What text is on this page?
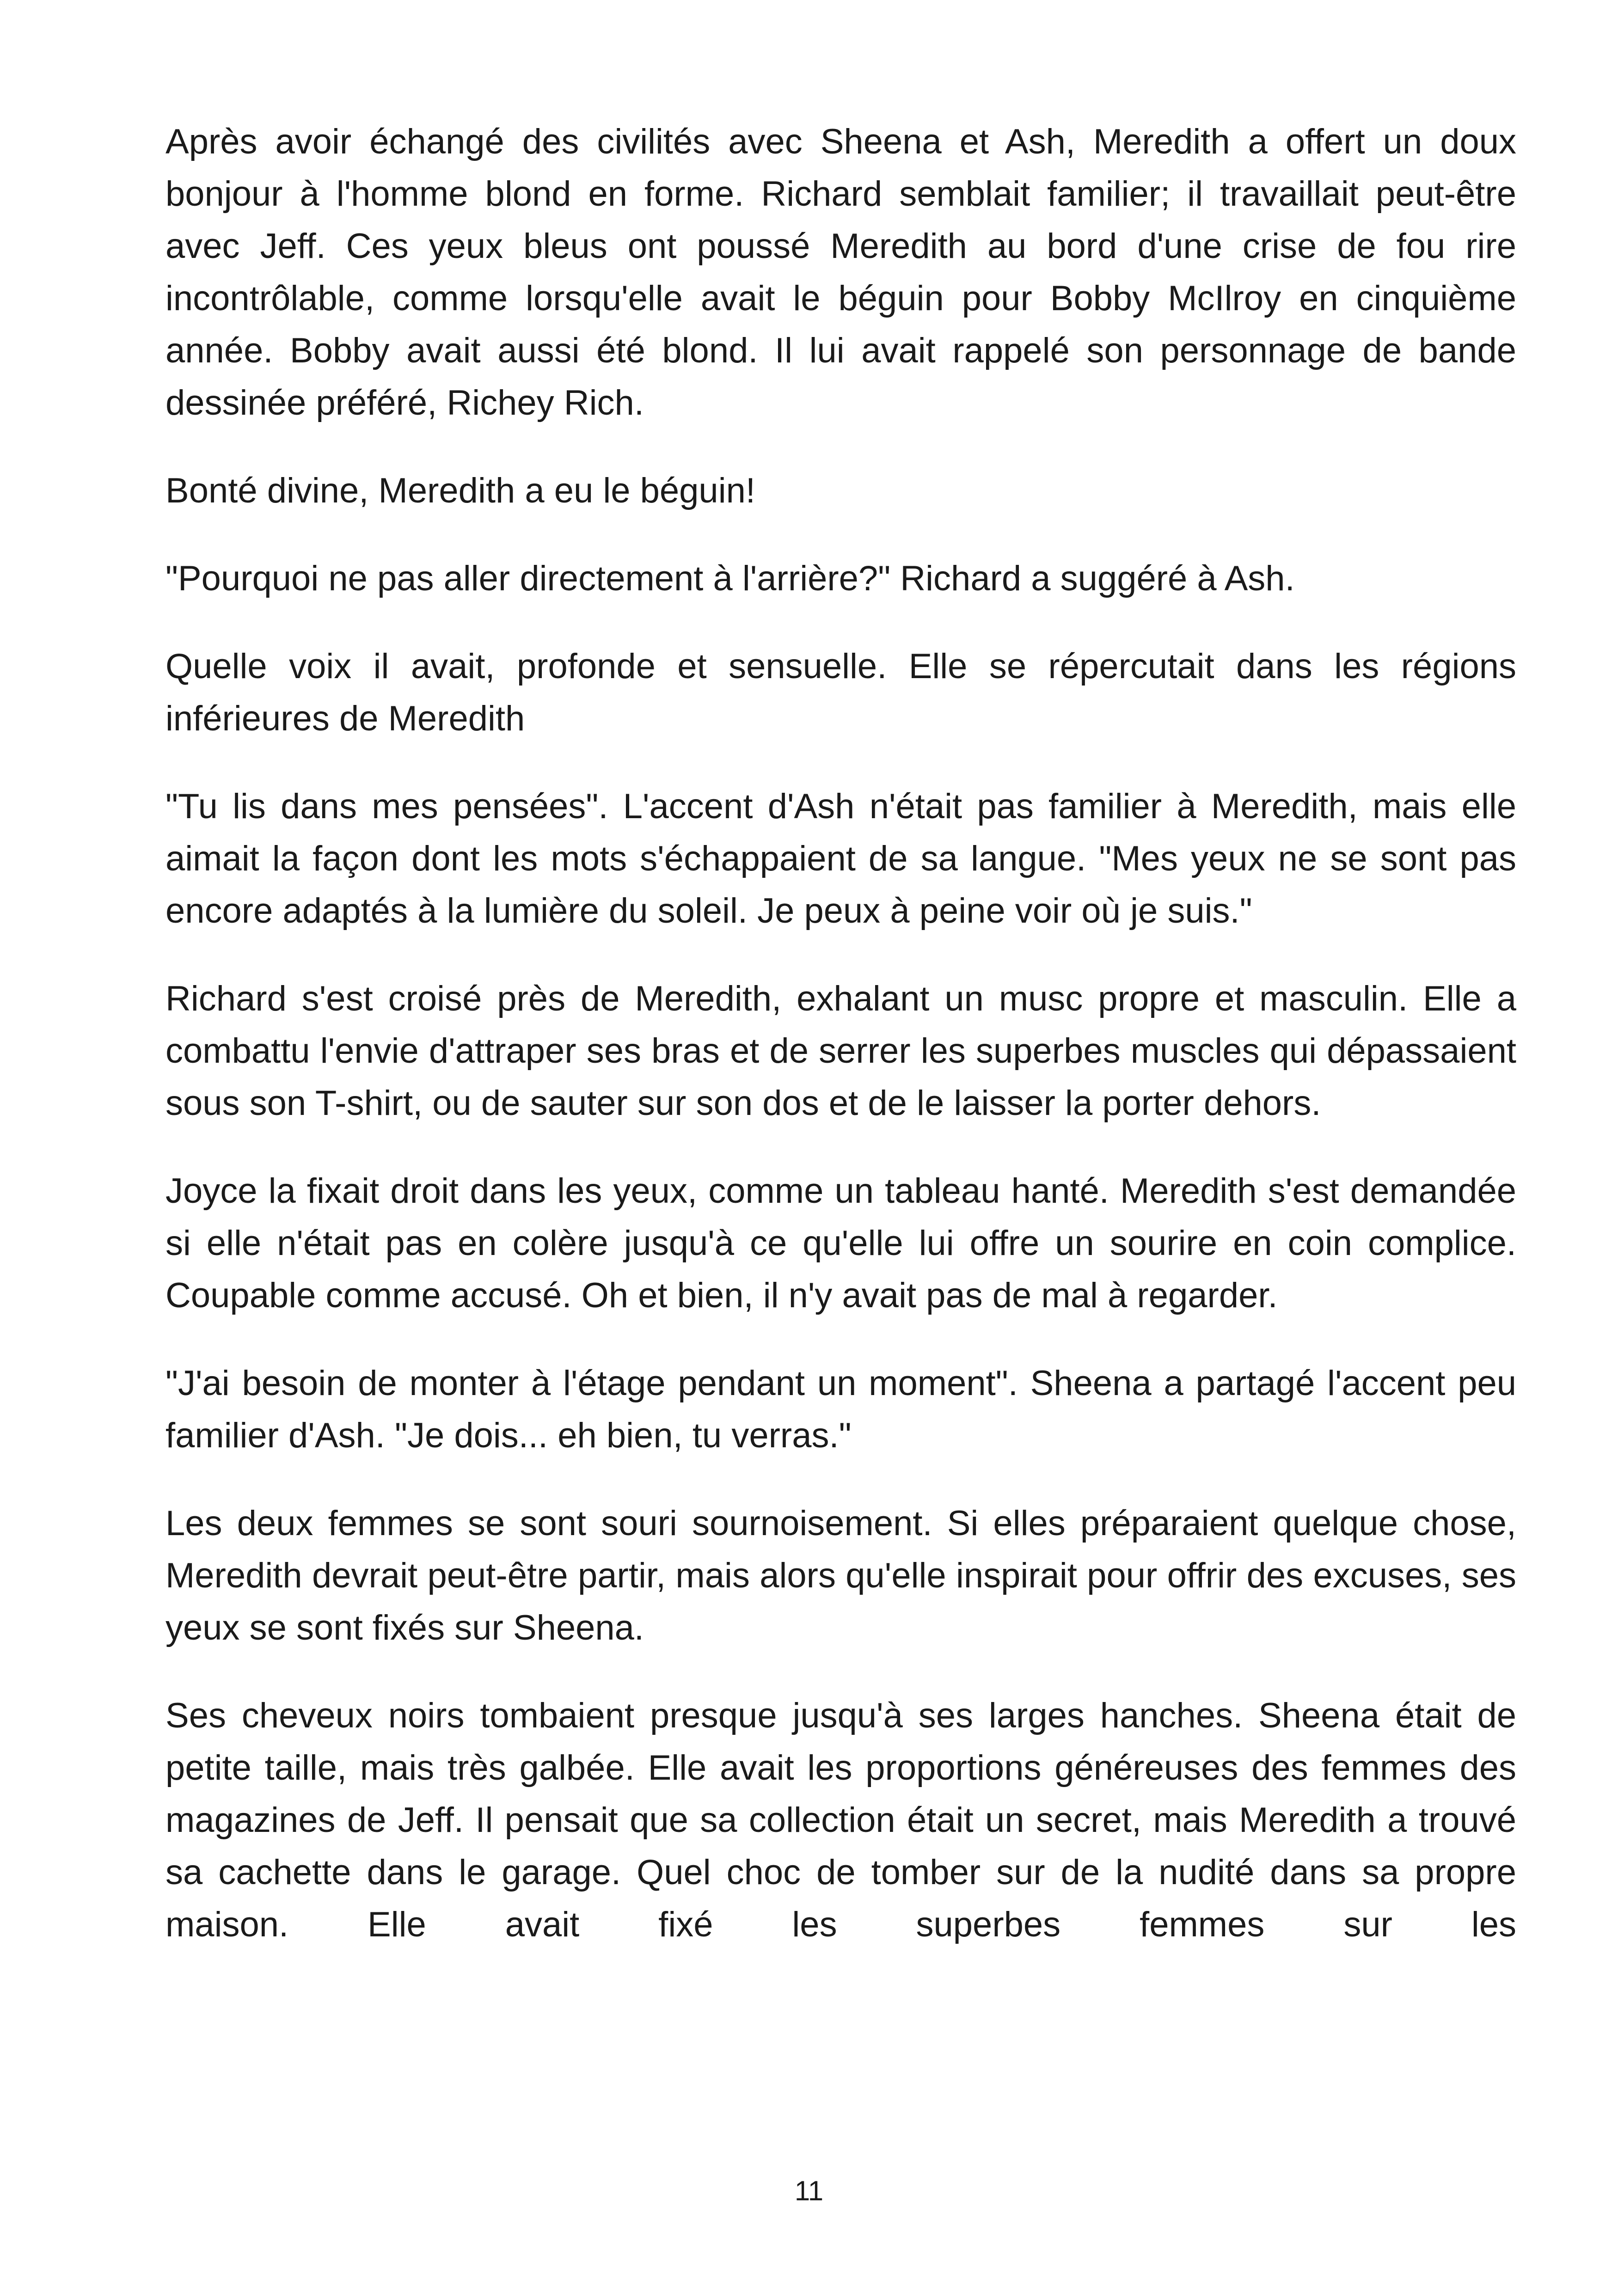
Après avoir échangé des civilités avec Sheena et Ash, Meredith a offert un doux bonjour à l'homme blond en forme. Richard semblait familier; il travaillait peut-être avec Jeff. Ces yeux bleus ont poussé Meredith au bord d'une crise de fou rire incontrôlable, comme lorsqu'elle avait le béguin pour Bobby McIlroy en cinquième année. Bobby avait aussi été blond. Il lui avait rappelé son personnage de bande dessinée préféré, Richey Rich.

Bonté divine, Meredith a eu le béguin!

"Pourquoi ne pas aller directement à l'arrière?" Richard a suggéré à Ash.

Quelle voix il avait, profonde et sensuelle. Elle se répercutait dans les régions inférieures de Meredith

"Tu lis dans mes pensées". L'accent d'Ash n'était pas familier à Meredith, mais elle aimait la façon dont les mots s'échappaient de sa langue. "Mes yeux ne se sont pas encore adaptés à la lumière du soleil. Je peux à peine voir où je suis."

Richard s'est croisé près de Meredith, exhalant un musc propre et masculin. Elle a combattu l'envie d'attraper ses bras et de serrer les superbes muscles qui dépassaient sous son T-shirt, ou de sauter sur son dos et de le laisser la porter dehors.

Joyce la fixait droit dans les yeux, comme un tableau hanté. Meredith s'est demandée si elle n'était pas en colère jusqu'à ce qu'elle lui offre un sourire en coin complice. Coupable comme accusé. Oh et bien, il n'y avait pas de mal à regarder.

"J'ai besoin de monter à l'étage pendant un moment". Sheena a partagé l'accent peu familier d'Ash. "Je dois... eh bien, tu verras."

Les deux femmes se sont souri sournoisement. Si elles préparaient quelque chose, Meredith devrait peut-être partir, mais alors qu'elle inspirait pour offrir des excuses, ses yeux se sont fixés sur Sheena.

Ses cheveux noirs tombaient presque jusqu'à ses larges hanches. Sheena était de petite taille, mais très galbée. Elle avait les proportions généreuses des femmes des magazines de Jeff. Il pensait que sa collection était un secret, mais Meredith a trouvé sa cachette dans le garage. Quel choc de tomber sur de la nudité dans sa propre maison. Elle avait fixé les superbes femmes sur les

11
